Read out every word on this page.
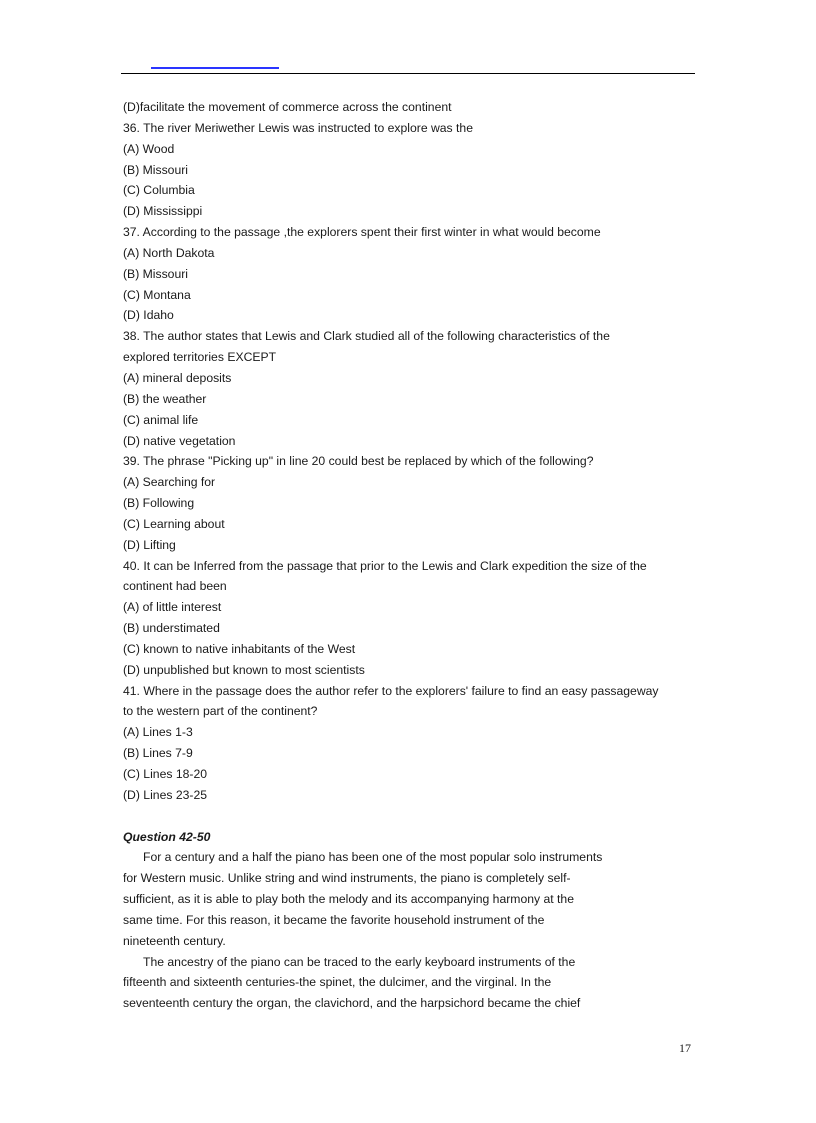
(D)facilitate the movement of commerce across the continent
36. The river Meriwether Lewis was instructed to explore was the
(A) Wood
(B) Missouri
(C) Columbia
(D) Mississippi
37. According to the passage ,the explorers spent their first winter in what would become
(A) North Dakota
(B) Missouri
(C) Montana
(D) Idaho
38. The author states that Lewis and Clark studied all of the following characteristics of the
explored territories EXCEPT
(A) mineral deposits
(B) the weather
(C) animal life
(D) native vegetation
39. The phrase "Picking up" in line 20 could best be replaced by which of the following?
(A) Searching for
(B) Following
(C) Learning about
(D) Lifting
40. It can be Inferred from the passage that prior to the Lewis and Clark expedition the size of the
continent had been
(A) of little interest
(B) understimated
(C) known to native inhabitants of the West
(D) unpublished but known to most scientists
41. Where in the passage does the author refer to the explorers' failure to find an easy passageway
to the western part of the continent?
(A) Lines 1-3
(B) Lines 7-9
(C) Lines 18-20
(D) Lines 23-25
Question 42-50
For a century and a half the piano has been one of the most popular solo instruments
for Western music. Unlike string and wind instruments, the piano is completely self-
sufficient, as it is able to play both the melody and its accompanying harmony at the
same time. For this reason, it became the favorite household instrument of the
nineteenth century.
The ancestry of the piano can be traced to the early keyboard instruments of the
fifteenth and sixteenth centuries-the spinet, the dulcimer, and the virginal. In the
seventeenth century the organ, the clavichord, and the harpsichord became the chief
17
